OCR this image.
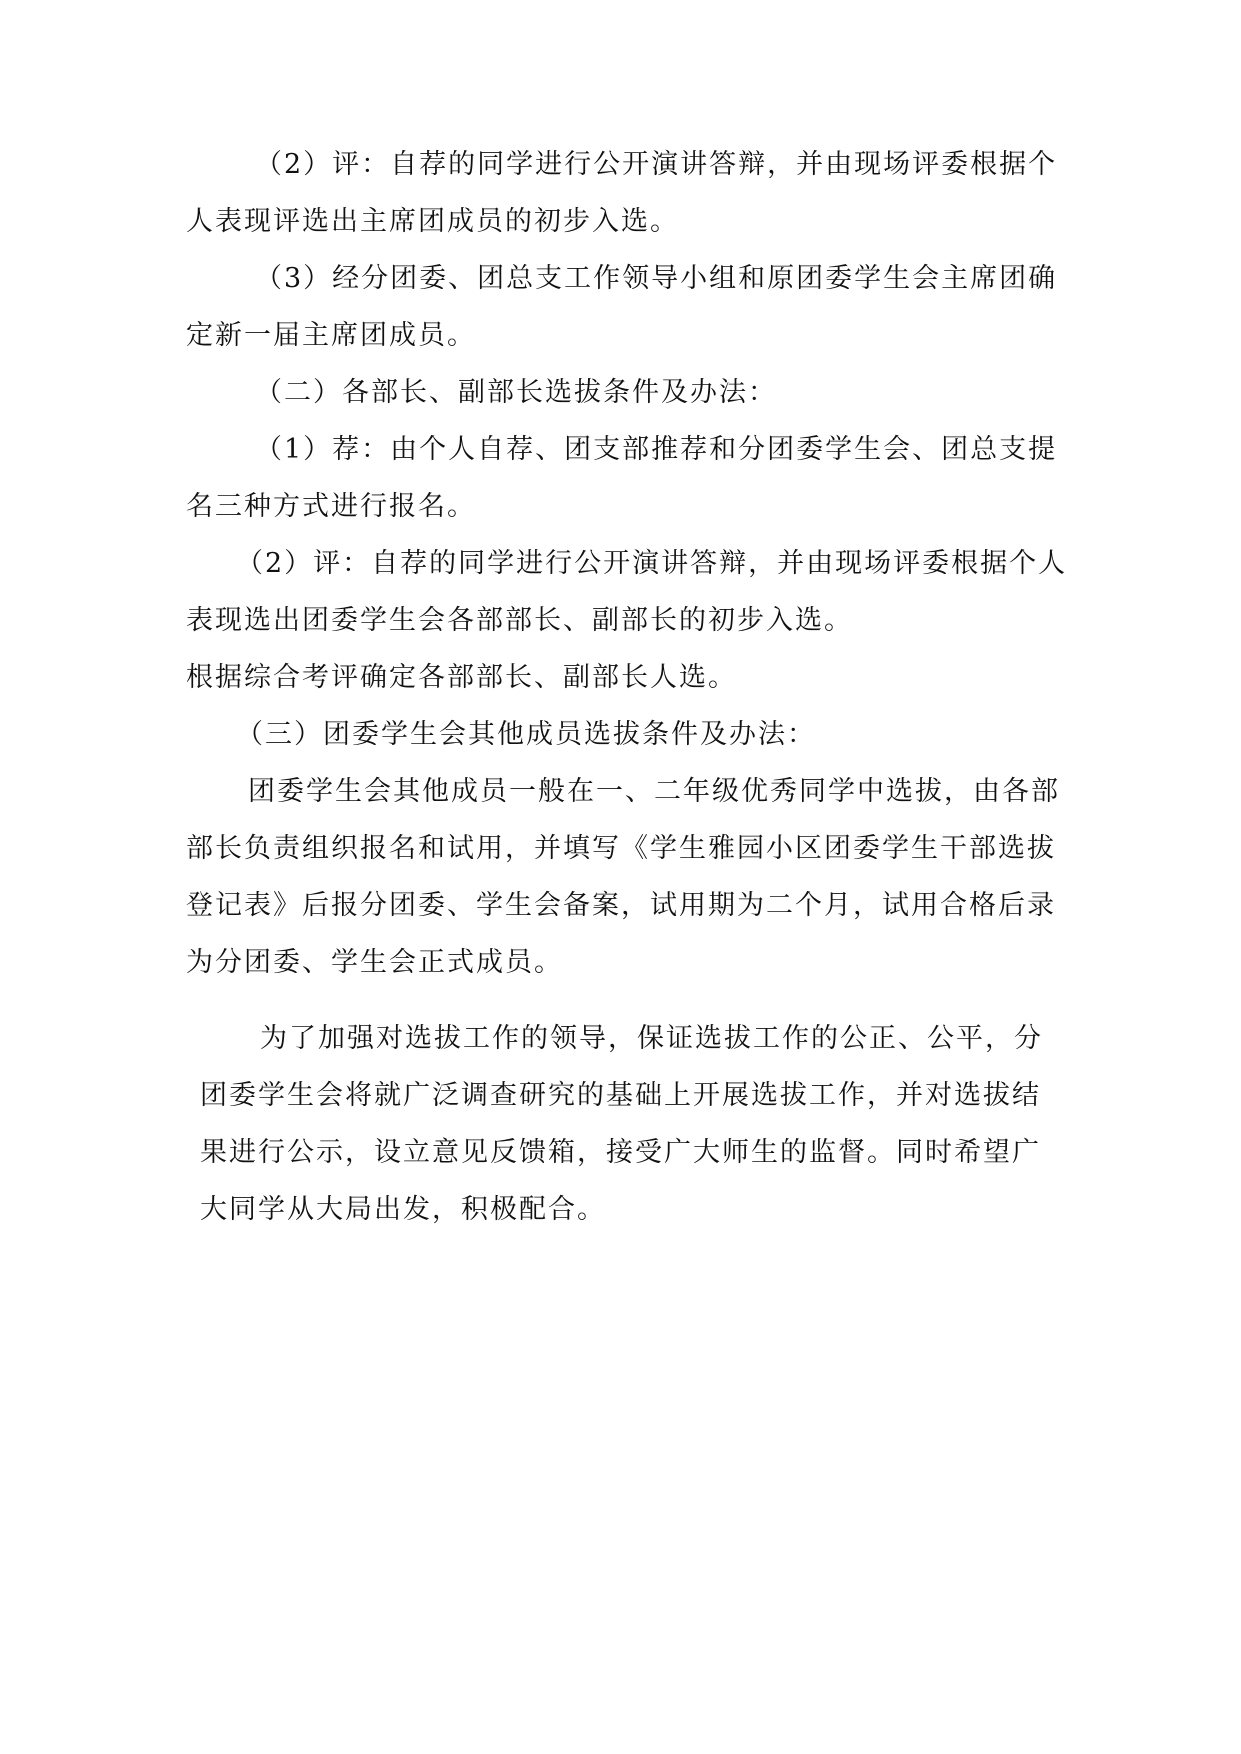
（2）评：自荐的同学进行公开演讲答辩，并由现场评委根据个
人表现评选出主席团成员的初步入选。
（3）经分团委、团总支工作领导小组和原团委学生会主席团确
定新一届主席团成员。
（二）各部长、副部长选拔条件及办法：
（1）荐：由个人自荐、团支部推荐和分团委学生会、团总支提
名三种方式进行报名。
（2）评：自荐的同学进行公开演讲答辩，并由现场评委根据个人
表现选出团委学生会各部部长、副部长的初步入选。
根据综合考评确定各部部长、副部长人选。
（三）团委学生会其他成员选拔条件及办法：
团委学生会其他成员一般在一、二年级优秀同学中选拔，由各部
部长负责组织报名和试用，并填写《学生雅园小区团委学生干部选拔
登记表》后报分团委、学生会备案，试用期为二个月，试用合格后录
为分团委、学生会正式成员。
为了加强对选拔工作的领导，保证选拔工作的公正、公平，分
团委学生会将就广泛调查研究的基础上开展选拔工作，并对选拔结
果进行公示，设立意见反馈箱，接受广大师生的监督。同时希望广
大同学从大局出发，积极配合。
